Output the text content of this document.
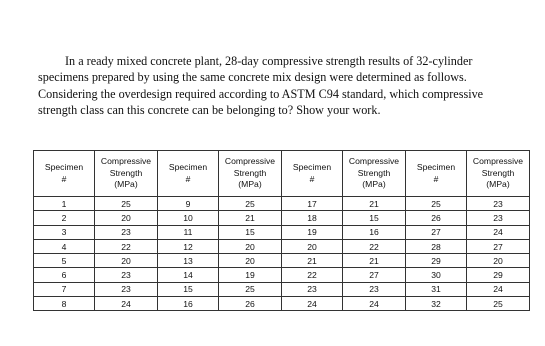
In a ready mixed concrete plant, 28-day compressive strength results of 32-cylinder
specimens prepared by using the same concrete mix design were determined as follows.
Considering the overdesign required according to ASTM C94 standard, which compressive
strength class can this concrete can be belonging to? Show your work.
Specimen
#	Compressive
Strength
(MPa)	Specimen
#	Compressive
Strength
(MPa)	Specimen
#	Compressive
Strength
(MPa)	Specimen
#	Compressive
Strength
(MPa)

1	25	9	25	17	21	25	23
2	20	10	21	18	15	26	23
3	23	11	15	19	16	27	24
4	22	12	20	20	22	28	27
5	20	13	20	21	21	29	20
6	23	14	19	22	27	30	29
7	23	15	25	23	23	31	24
8	24	16	26	24	24	32	25
